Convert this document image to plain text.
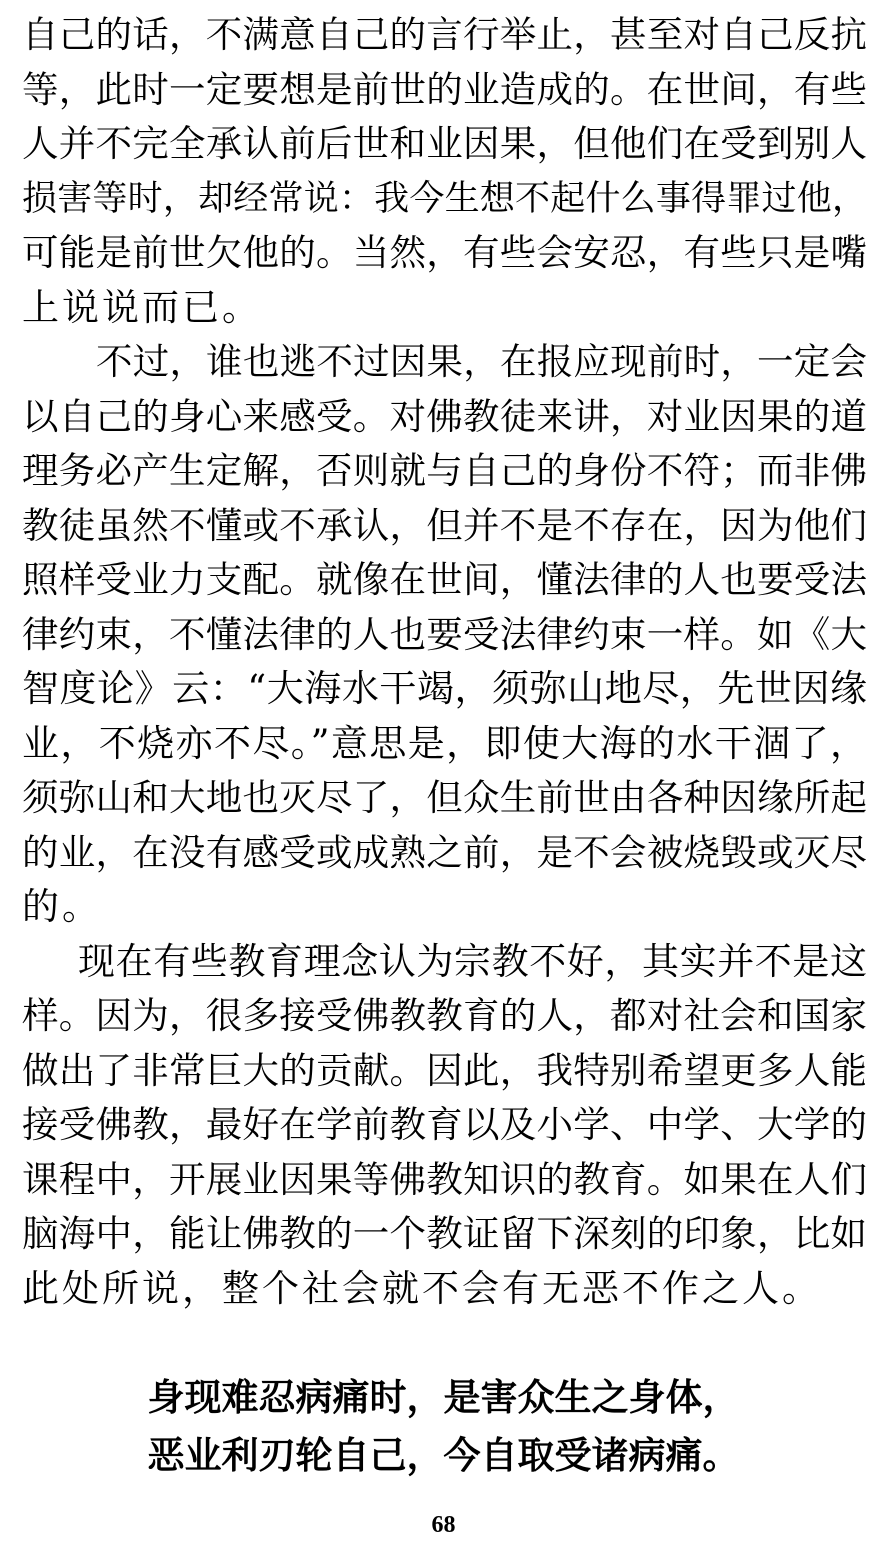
自己的话，不满意自己的言行举止，甚至对自己反抗
等，此时一定要想是前世的业造成的。在世间，有些
人并不完全承认前后世和业因果，但他们在受到别人
损害等时，却经常说：我今生想不起什么事得罪过他，
可能是前世欠他的。当然，有些会安忍，有些只是嘴
上说说而已。
不过，谁也逃不过因果，在报应现前时，一定会
以自己的身心来感受。对佛教徒来讲，对业因果的道
理务必产生定解，否则就与自己的身份不符；而非佛
教徒虽然不懂或不承认，但并不是不存在，因为他们
照样受业力支配。就像在世间，懂法律的人也要受法
律约束，不懂法律的人也要受法律约束一样。如《大
智度论》云：“大海水干竭，须弥山地尽，先世因缘
业，不烧亦不尽。”意思是，即使大海的水干涸了，
须弥山和大地也灭尽了，但众生前世由各种因缘所起
的业，在没有感受或成熟之前，是不会被烧毁或灭尽
的。
现在有些教育理念认为宗教不好，其实并不是这
样。因为，很多接受佛教教育的人，都对社会和国家
做出了非常巨大的贡献。因此，我特别希望更多人能
接受佛教，最好在学前教育以及小学、中学、大学的
课程中，开展业因果等佛教知识的教育。如果在人们
脑海中，能让佛教的一个教证留下深刻的印象，比如
此处所说，整个社会就不会有无恶不作之人。
身现难忍病痛时，是害众生之身体，
恶业利刃轮自己，今自取受诸病痛。
68
